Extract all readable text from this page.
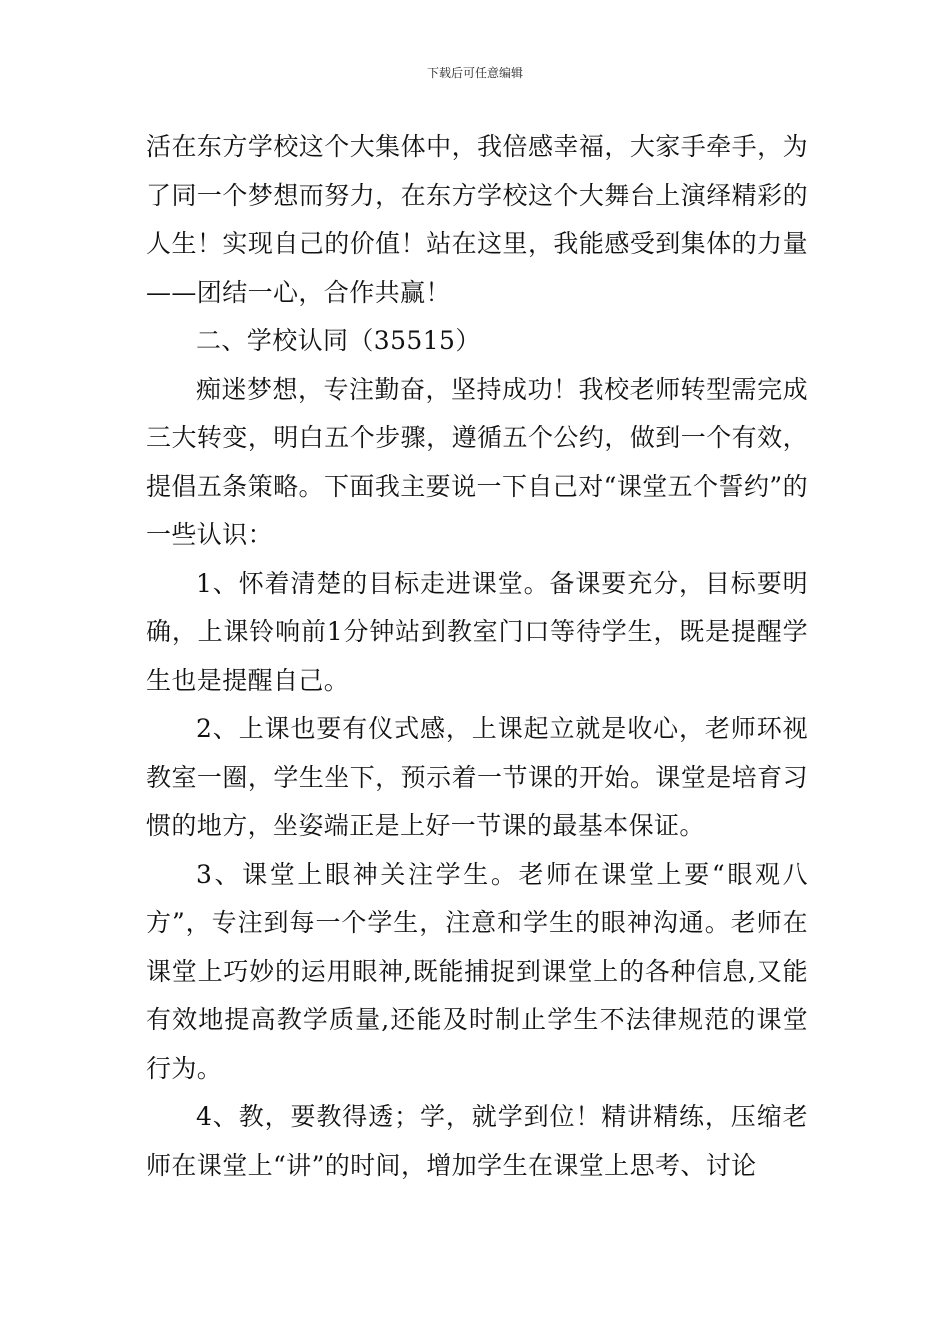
下载后可任意编辑

活在东方学校这个大集体中，我倍感幸福，大家手牵手，为了同一个梦想而努力，在东方学校这个大舞台上演绎精彩的人生！实现自己的价值！站在这里，我能感受到集体的力量——团结一心，合作共赢！

二、学校认同（35515）

痴迷梦想，专注勤奋，坚持成功！我校老师转型需完成三大转变，明白五个步骤，遵循五个公约，做到一个有效，提倡五条策略。下面我主要说一下自己对“课堂五个誓约”的一些认识：

1、怀着清楚的目标走进课堂。备课要充分，目标要明确，上课铃响前1分钟站到教室门口等待学生，既是提醒学生也是提醒自己。

2、上课也要有仪式感，上课起立就是收心，老师环视教室一圈，学生坐下，预示着一节课的开始。课堂是培育习惯的地方，坐姿端正是上好一节课的最基本保证。

3、课堂上眼神关注学生。老师在课堂上要“眼观八方”，专注到每一个学生，注意和学生的眼神沟通。老师在课堂上巧妙的运用眼神,既能捕捉到课堂上的各种信息,又能有效地提高教学质量,还能及时制止学生不法律规范的课堂行为。

4、教，要教得透；学，就学到位！精讲精练，压缩老师在课堂上“讲”的时间，增加学生在课堂上思考、讨论
